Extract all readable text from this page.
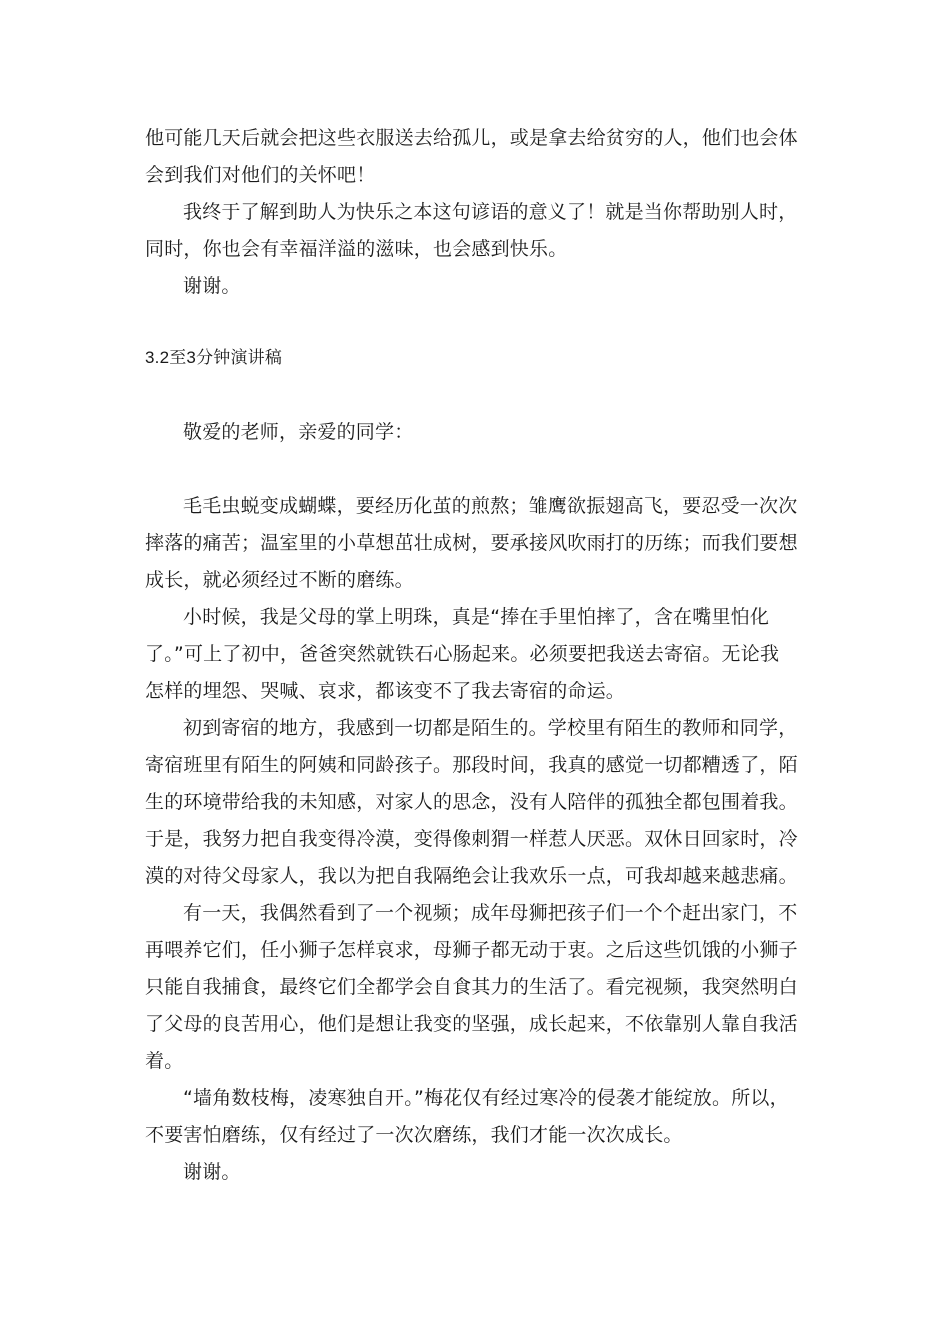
他可能几天后就会把这些衣服送去给孤儿，或是拿去给贫穷的人，他们也会体
会到我们对他们的关怀吧！
我终于了解到助人为快乐之本这句谚语的意义了！就是当你帮助别人时，
同时，你也会有幸福洋溢的滋味，也会感到快乐。
谢谢。
3.2至3分钟演讲稿
敬爱的老师，亲爱的同学：
毛毛虫蜕变成蝴蝶，要经历化茧的煎熬；雏鹰欲振翅高飞，要忍受一次次
摔落的痛苦；温室里的小草想茁壮成树，要承接风吹雨打的历练；而我们要想
成长，就必须经过不断的磨练。
小时候，我是父母的掌上明珠，真是“捧在手里怕摔了，含在嘴里怕化
了。”可上了初中，爸爸突然就铁石心肠起来。必须要把我送去寄宿。无论我
怎样的埋怨、哭喊、哀求，都该变不了我去寄宿的命运。
初到寄宿的地方，我感到一切都是陌生的。学校里有陌生的教师和同学，
寄宿班里有陌生的阿姨和同龄孩子。那段时间，我真的感觉一切都糟透了，陌
生的环境带给我的未知感，对家人的思念，没有人陪伴的孤独全都包围着我。
于是，我努力把自我变得冷漠，变得像刺猬一样惹人厌恶。双休日回家时，冷
漠的对待父母家人，我以为把自我隔绝会让我欢乐一点，可我却越来越悲痛。
有一天，我偶然看到了一个视频；成年母狮把孩子们一个个赶出家门，不
再喂养它们，任小狮子怎样哀求，母狮子都无动于衷。之后这些饥饿的小狮子
只能自我捕食，最终它们全都学会自食其力的生活了。看完视频，我突然明白
了父母的良苦用心，他们是想让我变的坚强，成长起来，不依靠别人靠自我活
着。
“墙角数枝梅，凌寒独自开。”梅花仅有经过寒冷的侵袭才能绽放。所以，
不要害怕磨练，仅有经过了一次次磨练，我们才能一次次成长。
谢谢。
